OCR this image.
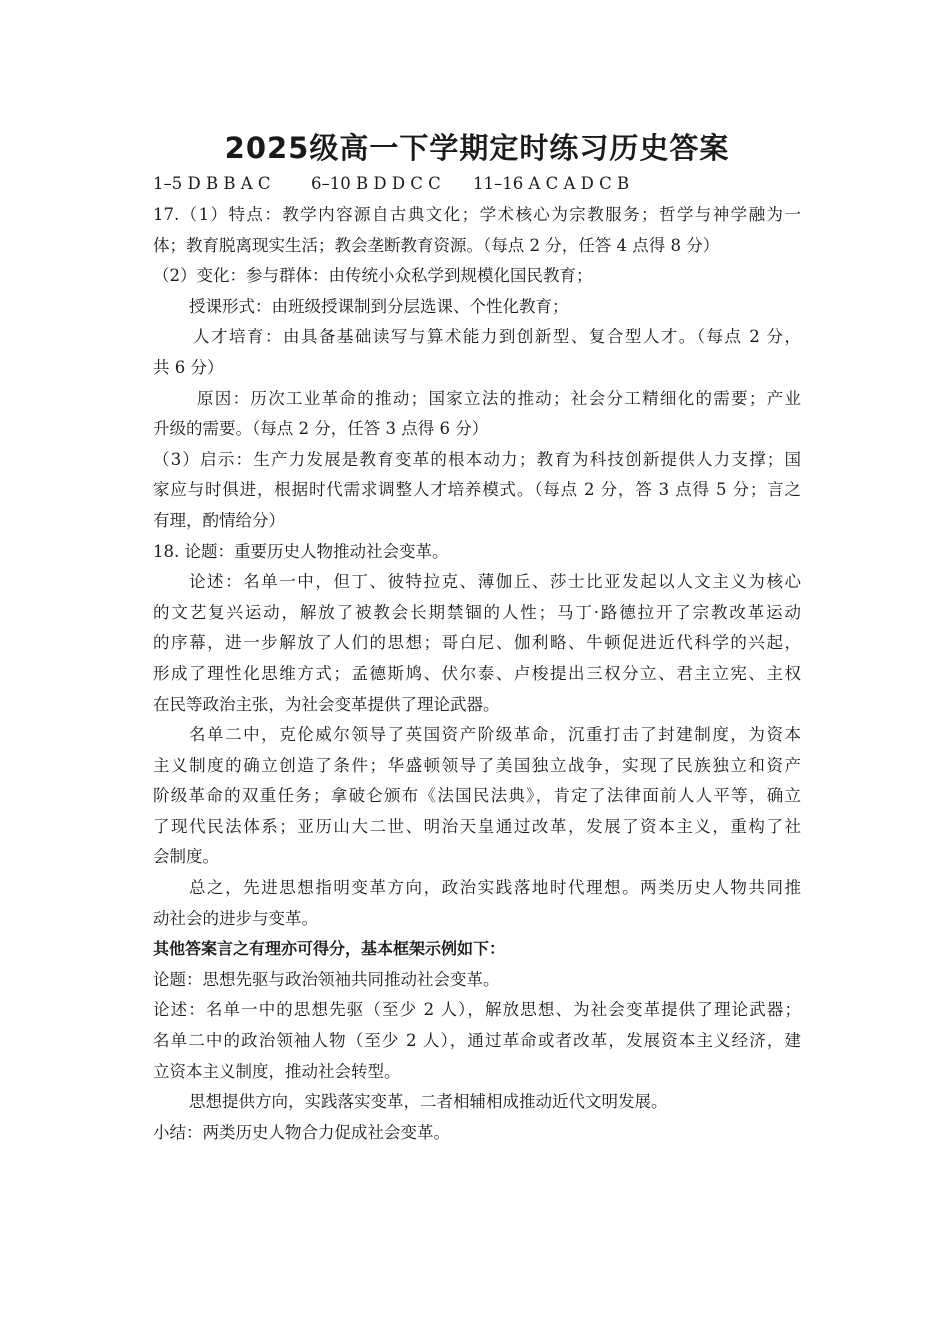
2025级高一下学期定时练习历史答案
1–5 D B B A C	6–10 B D D C C	11–16 A C A D C B
17.（1）特点：教学内容源自古典文化；学术核心为宗教服务；哲学与神学融为一
体；教育脱离现实生活；教会垄断教育资源。（每点 2 分，任答 4 点得 8 分）
（2）变化：参与群体：由传统小众私学到规模化国民教育；
授课形式：由班级授课制到分层选课、个性化教育；
人才培育：由具备基础读写与算术能力到创新型、复合型人才。（每点 2 分，
共 6 分）
原因：历次工业革命的推动；国家立法的推动；社会分工精细化的需要；产业
升级的需要。（每点 2 分，任答 3 点得 6 分）
（3）启示：生产力发展是教育变革的根本动力；教育为科技创新提供人力支撑；国
家应与时俱进，根据时代需求调整人才培养模式。（每点 2 分，答 3 点得 5 分；言之
有理，酌情给分）
18. 论题：重要历史人物推动社会变革。
论述：名单一中，但丁、彼特拉克、薄伽丘、莎士比亚发起以人文主义为核心
的文艺复兴运动，解放了被教会长期禁锢的人性；马丁·路德拉开了宗教改革运动
的序幕，进一步解放了人们的思想；哥白尼、伽利略、牛顿促进近代科学的兴起，
形成了理性化思维方式；孟德斯鸠、伏尔泰、卢梭提出三权分立、君主立宪、主权
在民等政治主张，为社会变革提供了理论武器。
名单二中，克伦威尔领导了英国资产阶级革命，沉重打击了封建制度，为资本
主义制度的确立创造了条件；华盛顿领导了美国独立战争，实现了民族独立和资产
阶级革命的双重任务；拿破仑颁布《法国民法典》，肯定了法律面前人人平等，确立
了现代民法体系；亚历山大二世、明治天皇通过改革，发展了资本主义，重构了社
会制度。
总之，先进思想指明变革方向，政治实践落地时代理想。两类历史人物共同推
动社会的进步与变革。
其他答案言之有理亦可得分，基本框架示例如下：
论题：思想先驱与政治领袖共同推动社会变革。
论述：名单一中的思想先驱（至少 2 人），解放思想、为社会变革提供了理论武器；
名单二中的政治领袖人物（至少 2 人），通过革命或者改革，发展资本主义经济，建
立资本主义制度，推动社会转型。
思想提供方向，实践落实变革，二者相辅相成推动近代文明发展。
小结：两类历史人物合力促成社会变革。
